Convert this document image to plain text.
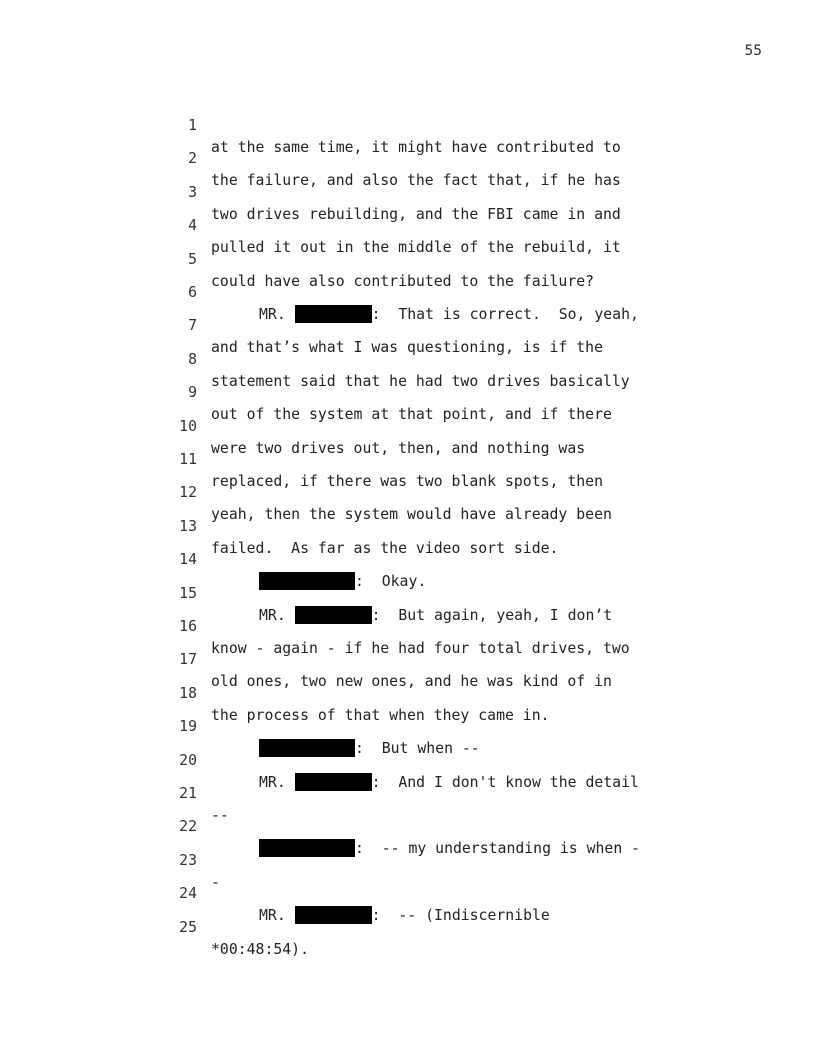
55

1

at the same time, it might have contributed to

2

the failure, and also the fact that, if he has

3

two drives rebuilding, and the FBI came in and

4

pulled it out in the middle of the rebuild, it

5

could have also contributed to the failure?

6

MR.	:  That is correct.  So, yeah,

7

and that’s what I was questioning, is if the

8

statement said that he had two drives basically

9

out of the system at that point, and if there

10

were two drives out, then, and nothing was

11

replaced, if there was two blank spots, then

12

yeah, then the system would have already been

13

failed.  As far as the video sort side.

14

:  Okay.

15

MR.	:  But again, yeah, I don’t

16

know - again - if he had four total drives, two

17

old ones, two new ones, and he was kind of in

18

the process of that when they came in.

19

:  But when --

20

MR.	:  And I don't know the detail

21

--

22

:  -- my understanding is when -

23

-

24

MR.	:  -- (Indiscernible

25

*00:48:54).
